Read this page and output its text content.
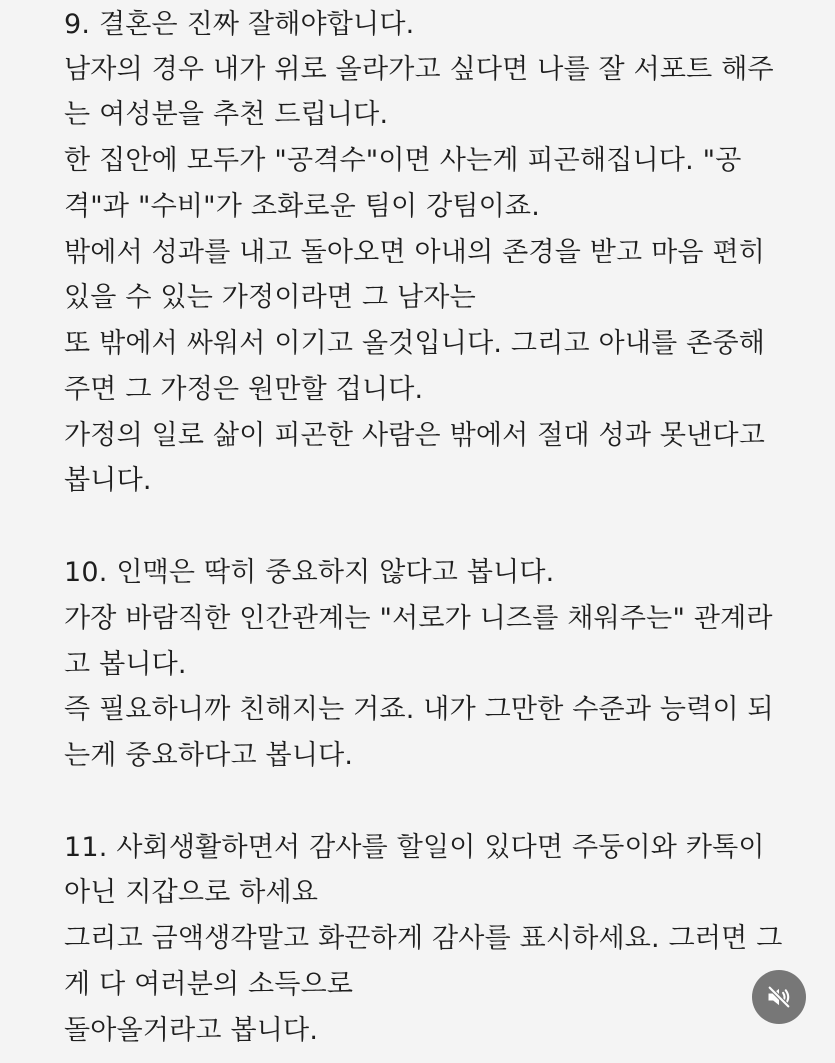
9. 결혼은 진짜 잘해야합니다.
남자의 경우 내가 위로 올라가고 싶다면 나를 잘 서포트 해주
는 여성분을 추천 드립니다.
한 집안에 모두가 "공격수"이면 사는게 피곤해집니다. "공
격"과 "수비"가 조화로운 팀이 강팀이죠.
밖에서 성과를 내고 돌아오면 아내의 존경을 받고 마음 편히
있을 수 있는 가정이라면 그 남자는
또 밖에서 싸워서 이기고 올것입니다. 그리고 아내를 존중해
주면 그 가정은 원만할 겁니다.
가정의 일로 삶이 피곤한 사람은 밖에서 절대 성과 못낸다고
봅니다.
10. 인맥은 딱히 중요하지 않다고 봅니다.
가장 바람직한 인간관계는 "서로가 니즈를 채워주는" 관계라
고 봅니다.
즉 필요하니까 친해지는 거죠. 내가 그만한 수준과 능력이 되
는게 중요하다고 봅니다.
11. 사회생활하면서 감사를 할일이 있다면 주둥이와 카톡이
아닌 지갑으로 하세요
그리고 금액생각말고 화끈하게 감사를 표시하세요. 그러면 그
게 다 여러분의 소득으로
돌아올거라고 봅니다.
